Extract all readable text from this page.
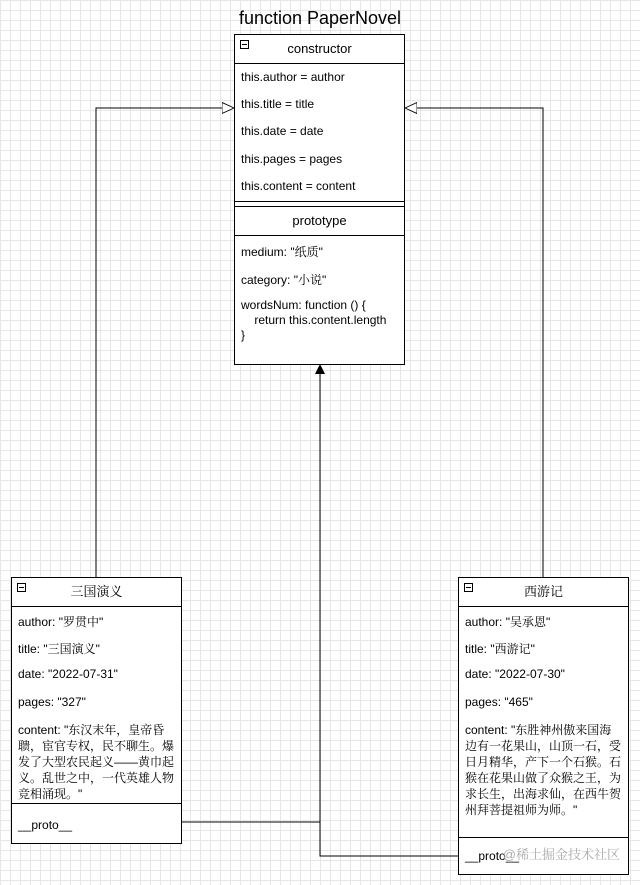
function PaperNovel
constructor
this.author = author
this.title = title
this.date = date
this.pages = pages
this.content = content
prototype
medium: "纸质"
category: "小说"
wordsNum: function () {
return this.content.length
}
三国演义
author: "罗贯中"
title: "三国演义"
date: "2022-07-31"
pages: "327"
content: "东汉末年，皇帝昏聩，宦官专权，民不聊生。爆发了大型农民起义——黄巾起义。乱世之中，一代英雄人物竞相涌现。"
__proto__
西游记
author: "吴承恩"
title: "西游记"
date: "2022-07-30"
pages: "465"
content: "东胜神州傲来国海边有一花果山，山顶一石，受日月精华，产下一个石猴。石猴在花果山做了众猴之王，为求长生，出海求仙，在西牛贺州拜菩提祖师为师。"
__proto__
@稀土掘金技术社区
